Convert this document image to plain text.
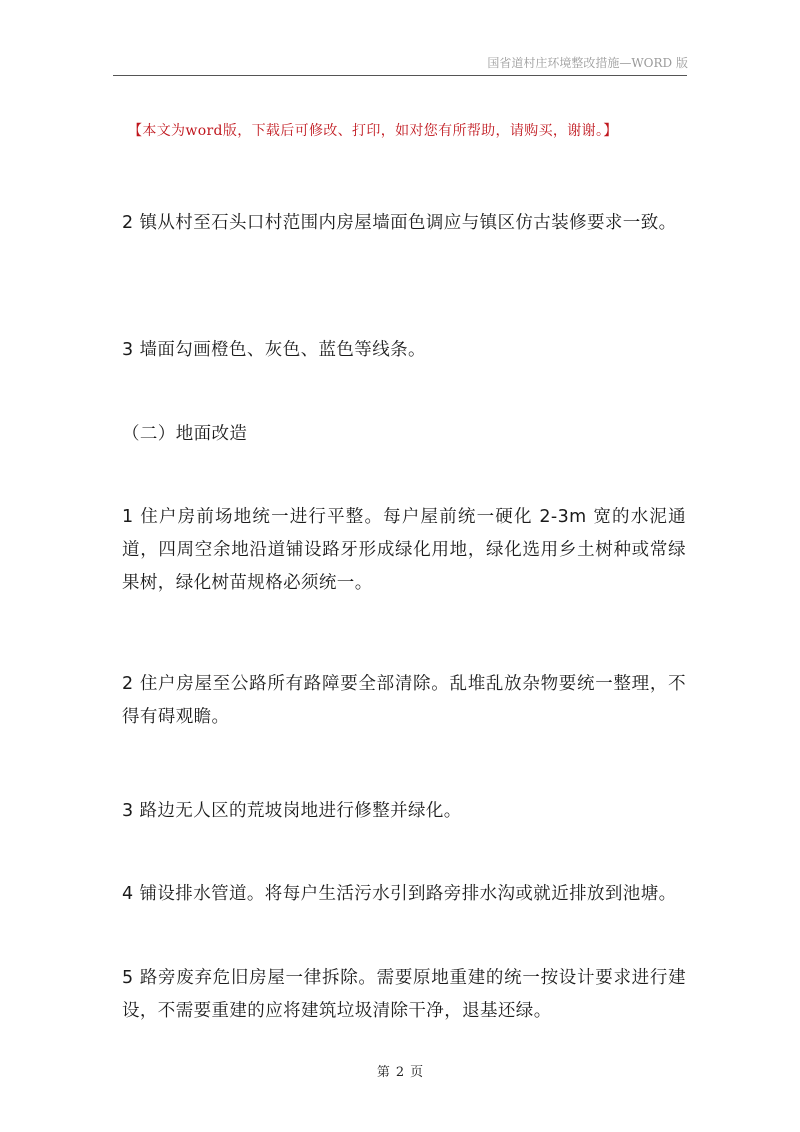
国省道村庄环境整改措施—WORD 版
【本文为word版，下载后可修改、打印，如对您有所帮助，请购买，谢谢。】

2 镇从村至石头口村范围内房屋墙面色调应与镇区仿古装修要求一致。

3 墙面勾画橙色、灰色、蓝色等线条。

（二）地面改造

1 住户房前场地统一进行平整。每户屋前统一硬化 2-3m 宽的水泥通道，四周空余地沿道铺设路牙形成绿化用地，绿化选用乡土树种或常绿果树，绿化树苗规格必须统一。

2 住户房屋至公路所有路障要全部清除。乱堆乱放杂物要统一整理，不得有碍观瞻。

3 路边无人区的荒坡岗地进行修整并绿化。

4 铺设排水管道。将每户生活污水引到路旁排水沟或就近排放到池塘。

5 路旁废弃危旧房屋一律拆除。需要原地重建的统一按设计要求进行建设，不需要重建的应将建筑垃圾清除干净，退基还绿。

第 2 页
